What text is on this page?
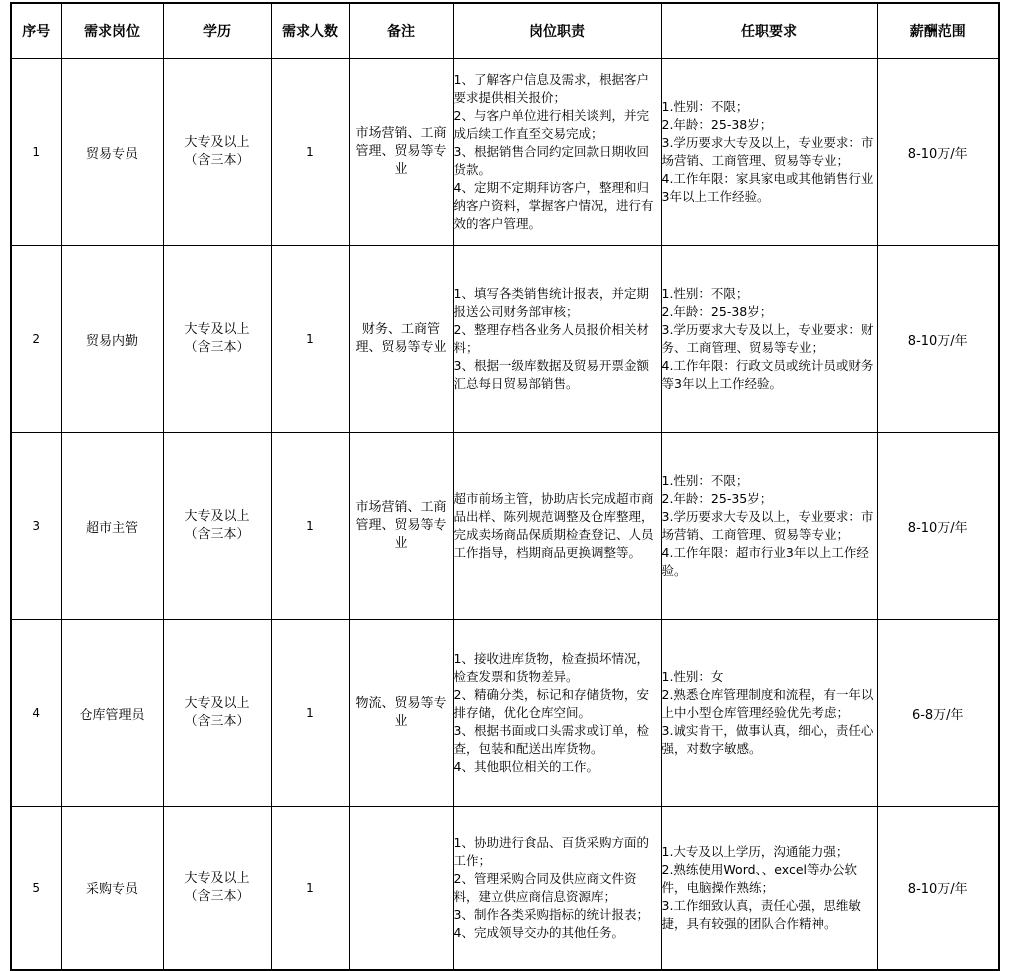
序号	需求岗位	学历	需求人数	备注	岗位职责	任职要求	薪酬范围
1	贸易专员	大专及以上
（含三本）	1	市场营销、工商管理、贸易等专业	1、了解客户信息及需求，根据客户要求提供相关报价；
2、与客户单位进行相关谈判，并完成后续工作直至交易完成；
3、根据销售合同约定回款日期收回货款。
4、定期不定期拜访客户，整理和归纳客户资料，掌握客户情况，进行有效的客户管理。	1.性别：不限；
2.年龄：25-38岁；
3.学历要求大专及以上，专业要求：市场营销、工商管理、贸易等专业；
4.工作年限：家具家电或其他销售行业3年以上工作经验。	8-10万/年
2	贸易内勤	大专及以上
（含三本）	1	财务、工商管理、贸易等专业	1、填写各类销售统计报表，并定期报送公司财务部审核；
2、整理存档各业务人员报价相关材料；
3、根据一级库数据及贸易开票金额汇总每日贸易部销售。	1.性别：不限；
2.年龄：25-38岁；
3.学历要求大专及以上，专业要求：财务、工商管理、贸易等专业；
4.工作年限：行政文员或统计员或财务等3年以上工作经验。	8-10万/年
3	超市主管	大专及以上
（含三本）	1	市场营销、工商管理、贸易等专业	超市前场主管，协助店长完成超市商品出样、陈列规范调整及仓库整理，完成卖场商品保质期检查登记、人员工作指导，档期商品更换调整等。	1.性别：不限；
2.年龄：25-35岁；
3.学历要求大专及以上，专业要求：市场营销、工商管理、贸易等专业；
4.工作年限：超市行业3年以上工作经验。	8-10万/年
4	仓库管理员	大专及以上
（含三本）	1	物流、贸易等专业	1、接收进库货物，检查损坏情况，检查发票和货物差异。
2、精确分类，标记和存储货物，安排存储，优化仓库空间。
3、根据书面或口头需求或订单，检查，包装和配送出库货物。
4、其他职位相关的工作。	1.性别：女
2.熟悉仓库管理制度和流程，有一年以上中小型仓库管理经验优先考虑；
3.诚实肯干，做事认真，细心，责任心强，对数字敏感。	6-8万/年
5	采购专员	大专及以上
（含三本）	1		1、协助进行食品、百货采购方面的工作；
2、管理采购合同及供应商文件资料，建立供应商信息资源库；
3、制作各类采购指标的统计报表；
4、完成领导交办的其他任务。	1.大专及以上学历，沟通能力强；
2.熟练使用Word、、excel等办公软件，电脑操作熟练；
3.工作细致认真，责任心强，思维敏捷，具有较强的团队合作精神。	8-10万/年
